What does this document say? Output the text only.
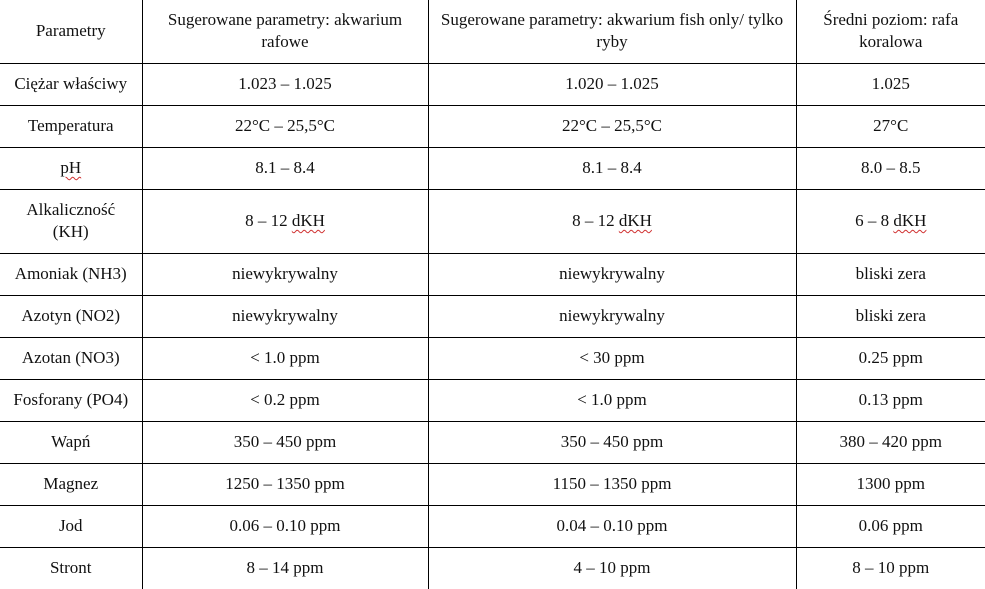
Parametry	Sugerowane parametry: akwarium rafowe	Sugerowane parametry: akwarium fish only/ tylko ryby	Średni poziom: rafa koralowa
Ciężar właściwy	1.023 – 1.025	1.020 – 1.025	1.025
Temperatura	22°C – 25,5°C	22°C – 25,5°C	27°C
pH	8.1 – 8.4	8.1 – 8.4	8.0 – 8.5
Alkaliczność
(KH)	8 – 12 dKH	8 – 12 dKH	6 – 8 dKH
Amoniak (NH3)	niewykrywalny	niewykrywalny	bliski zera
Azotyn (NO2)	niewykrywalny	niewykrywalny	bliski zera
Azotan (NO3)	< 1.0 ppm	< 30 ppm	0.25 ppm
Fosforany (PO4)	< 0.2 ppm	< 1.0 ppm	0.13 ppm
Wapń	350 – 450 ppm	350 – 450 ppm	380 – 420 ppm
Magnez	1250 – 1350 ppm	1150 – 1350 ppm	1300 ppm
Jod	0.06 – 0.10 ppm	0.04 – 0.10 ppm	0.06 ppm
Stront	8 – 14 ppm	4 – 10 ppm	8 – 10 ppm
